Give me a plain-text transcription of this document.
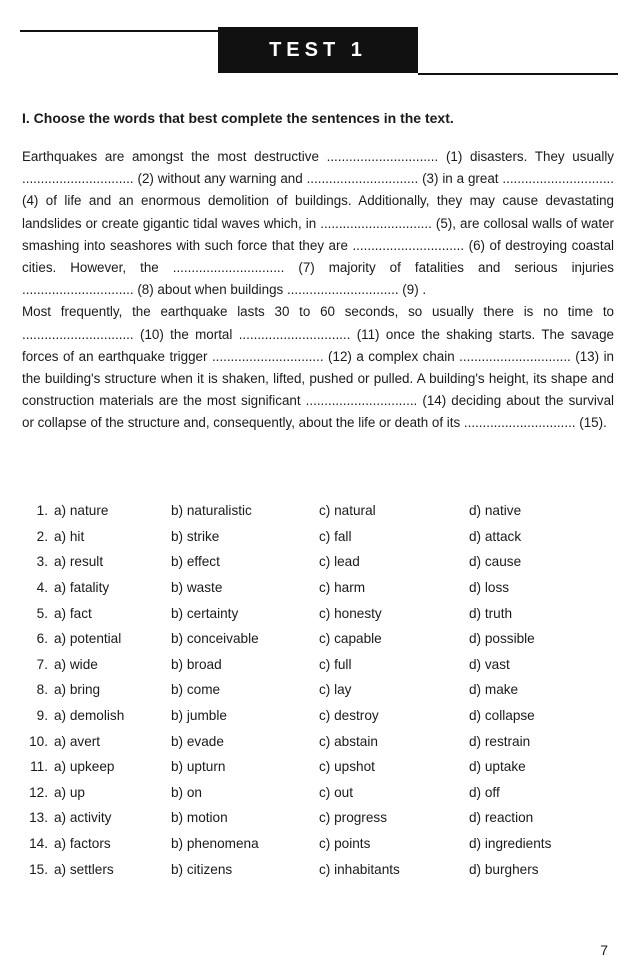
TEST 1

I. Choose the words that best complete the sentences in the text.

Earthquakes are amongst the most destructive .............................. (1) disasters. They usually .............................. (2) without any warning and .............................. (3) in a great .............................. (4) of life and an enormous demolition of buildings. Additionally, they may cause devastating landslides or create gigantic tidal waves which, in .............................. (5), are collosal walls of water smashing into seashores with such force that they are .............................. (6) of destroying coastal cities. However, the .............................. (7) majority of fatalities and serious injuries .............................. (8) about when buildings .............................. (9) .
Most frequently, the earthquake lasts 30 to 60 seconds, so usually there is no time to .............................. (10) the mortal .............................. (11) once the shaking starts. The savage forces of an earthquake trigger .............................. (12) a complex chain .............................. (13) in the building's structure when it is shaken, lifted, pushed or pulled. A building's height, its shape and construction materials are the most significant .............................. (14) deciding about the survival or collapse of the structure and, consequently, about the life or death of its .............................. (15).
1.	a) nature	b) naturalistic	c) natural	d) native
2.	a) hit	b) strike	c) fall	d) attack
3.	a) result	b) effect	c) lead	d) cause
4.	a) fatality	b) waste	c) harm	d) loss
5.	a) fact	b) certainty	c) honesty	d) truth
6.	a) potential	b) conceivable	c) capable	d) possible
7.	a) wide	b) broad	c) full	d) vast
8.	a) bring	b) come	c) lay	d) make
9.	a) demolish	b) jumble	c) destroy	d) collapse
10.	a) avert	b) evade	c) abstain	d) restrain
11.	a) upkeep	b) upturn	c) upshot	d) uptake
12.	a) up	b) on	c) out	d) off
13.	a) activity	b) motion	c) progress	d) reaction
14.	a) factors	b) phenomena	c) points	d) ingredients
15.	a) settlers	b) citizens	c) inhabitants	d) burghers
7
